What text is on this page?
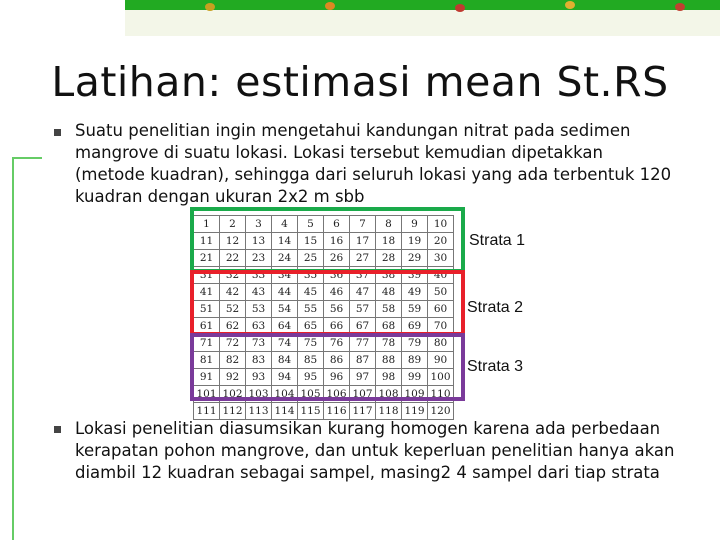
Latihan: estimasi mean St.RS
Suatu penelitian ingin mengetahui kandungan nitrat pada sedimen mangrove di suatu lokasi. Lokasi tersebut kemudian dipetakkan (metode kuadran), sehingga dari seluruh lokasi yang ada terbentuk 120 kuadran dengan ukuran 2x2 m sbb
1	2	3	4	5	6	7	8	9	10
11	12	13	14	15	16	17	18	19	20
21	22	23	24	25	26	27	28	29	30
31	32	33	34	35	36	37	38	39	40
41	42	43	44	45	46	47	48	49	50
51	52	53	54	55	56	57	58	59	60
61	62	63	64	65	66	67	68	69	70
71	72	73	74	75	76	77	78	79	80
81	82	83	84	85	86	87	88	89	90
91	92	93	94	95	96	97	98	99	100
101	102	103	104	105	106	107	108	109	110
111	112	113	114	115	116	117	118	119	120
Strata 1
Strata 2
Strata 3
Lokasi penelitian diasumsikan kurang homogen karena ada perbedaan kerapatan pohon mangrove, dan untuk keperluan penelitian hanya akan diambil 12 kuadran sebagai sampel, masing2 4 sampel dari tiap strata
